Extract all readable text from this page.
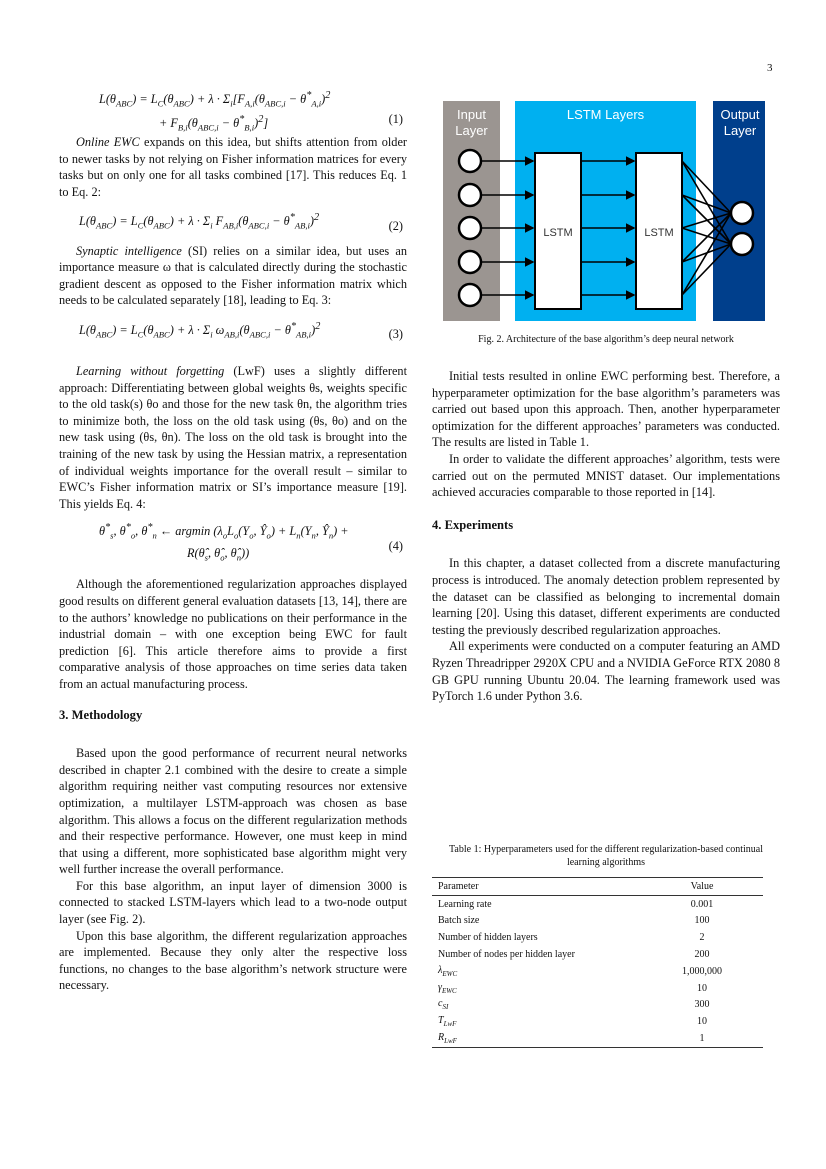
3
$L(\theta_{ABC}) = L_C(\theta_{ABC}) + \lambda \cdot \Sigma_i[F_{A,i}(\theta_{ABC,i} - \theta^*_{A,i})^2$
+ $F_{B,i}(\theta_{ABC,i} - \theta^*_{B,i})^2$]	(1)

Online EWC expands on this idea, but shifts attention from older to newer tasks by not relying on Fisher information matrices for every tasks but on only one for all tasks combined [17]. This reduces Eq. 1 to Eq. 2:

$L(\theta_{ABC}) = L_C(\theta_{ABC}) + \lambda \cdot \Sigma_i$ $F_{AB,i}(\theta_{ABC,i} - \theta^*_{AB,i})^2$
(2)

Synaptic intelligence (SI) relies on a similar idea, but uses an importance measure ω that is calculated directly during the stochastic gradient descent as opposed to the Fisher information matrix which needs to be calculated separately [18], leading to Eq. 3:

$L(\theta_{ABC}) = L_C(\theta_{ABC}) + \lambda \cdot \Sigma_i$ $\omega_{AB,i}(\theta_{ABC,i} - \theta^*_{AB,i})^2$
(3)

Learning without forgetting (LwF) uses a slightly different approach: Differentiating between global weights θs, weights specific to the old task(s) θo and those for the new task θn, the algorithm tries to minimize both, the loss on the old task using (θs, θo) and on the new task using (θs, θn). The loss on the old task is brought into the training of the new task by using the Hessian matrix, a representation of individual weights importance for the overall result – similar to EWC’s Fisher information matrix or SI’s importance measure [19]. This yields Eq. 4:

$\theta^*_s$, $\theta^*_o$, $\theta^*_n$ ← argmin ($\lambda_oL_o(Y_o$, $Ŷ_o) + L_n(Y_n$, $Ŷ_n$) +
$R(\thetâ_s$, $\thetâ_o$, $\thetâ_n$))	(4)

Although the aforementioned regularization approaches displayed good results on different general evaluation datasets [13, 14], there are to the authors’ knowledge no publications on their performance in the industrial domain – with one exception being EWC for fault prediction [6]. This article therefore aims to provide a first comparative analysis of those approaches on time series data taken from an actual manufacturing process.

3. Methodology

Based upon the good performance of recurrent neural networks described in chapter 2.1 combined with the desire to create a simple algorithm requiring neither vast computing resources nor extensive optimization, a multilayer LSTM-approach was chosen as base algorithm. This allows a focus on the different regularization methods and their respective performance. However, one must keep in mind that using a different, more sophisticated base algorithm might very well further increase the overall performance.

For this base algorithm, an input layer of dimension 3000 is connected to stacked LSTM-layers which lead to a two-node output layer (see Fig. 2).

Upon this base algorithm, the different regularization approaches are implemented. Because they only alter the respective loss functions, no changes to the base algorithm’s network structure were necessary.

Input Layer
LSTM Layers	Output Layer
LSTM	LSTM
Fig. 2. Architecture of the base algorithm’s deep neural network

Initial tests resulted in online EWC performing best. Therefore, a hyperparameter optimization for the base algorithm’s parameters was carried out based upon this approach. Then, another hyperparameter optimization for the different approaches’ parameters was conducted. The results are listed in Table 1.

In order to validate the different approaches’ algorithm, tests were carried out on the permuted MNIST dataset. Our implementations achieved accuracies comparable to those reported in [14].

4. Experiments

In this chapter, a dataset collected from a discrete manufacturing process is introduced. The anomaly detection problem represented by the dataset can be classified as belonging to incremental domain learning [20]. Using this dataset, different experiments are conducted testing the previously described regularization approaches.

All experiments were conducted on a computer featuring an AMD Ryzen Threadripper 2920X CPU and a NVIDIA GeForce RTX 2080 8 GB GPU running Ubuntu 20.04. The learning framework used was PyTorch 1.6 under Python 3.6.

Table 1: Hyperparameters used for the different regularization-based continual learning algorithms
Parameter	Value
Learning rate	0.001
Batch size	100
Number of hidden layers	2
Number of nodes per hidden layer	200
$\lambda_{EWC}$	1,000,000
$\gamma_{EWC}$	10
$c_{SI}$	300
$T_{LwF}$	10
$R_{LwF}$	1
